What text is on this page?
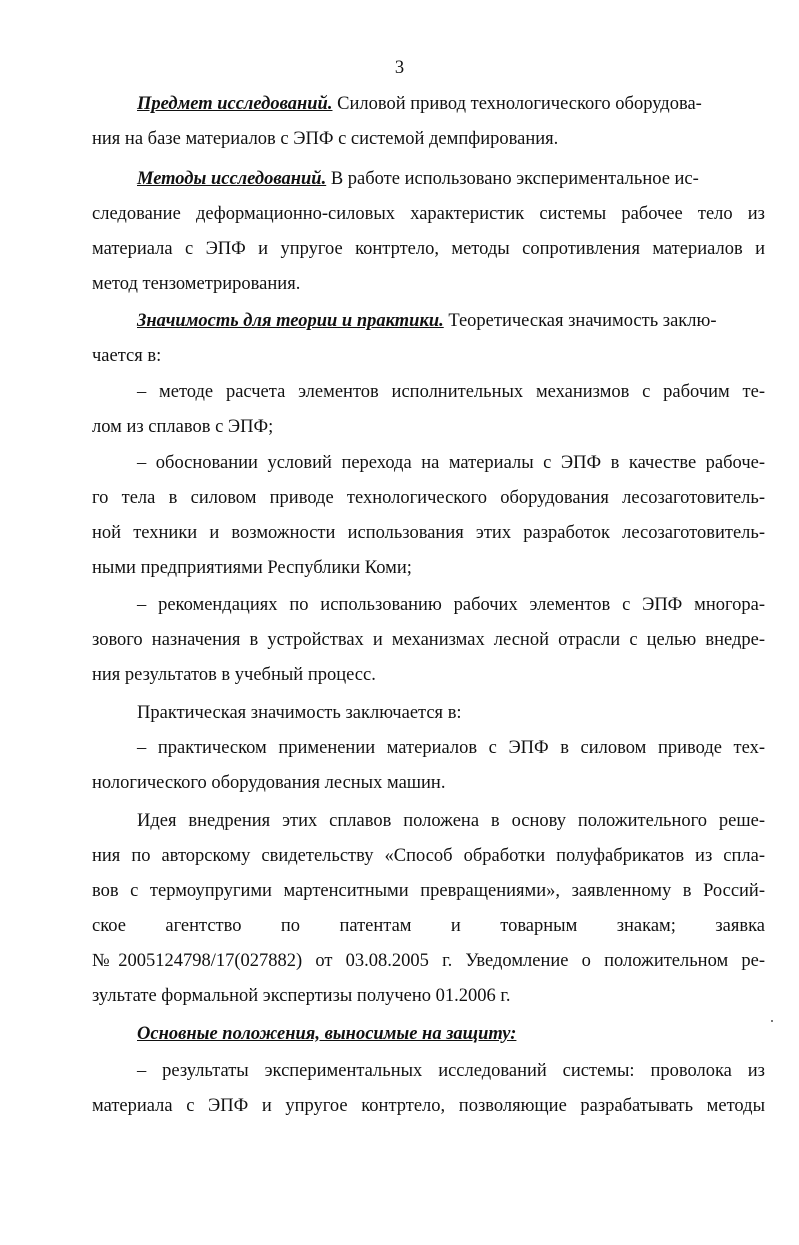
3
Предмет исследований. Силовой привод технологического оборудова-
ния на базе материалов с ЭПФ с системой демпфирования.
Методы исследований. В работе использовано экспериментальное ис-
следование деформационно-силовых характеристик системы рабочее тело из
материала с ЭПФ и упругое контртело, методы сопротивления материалов и
метод тензометрирования.
Значимость для теории и практики. Теоретическая значимость заклю-
чается в:
– методе расчета элементов исполнительных механизмов с рабочим те-
лом из сплавов с ЭПФ;
– обосновании условий перехода на материалы с ЭПФ в качестве рабоче-
го тела в силовом приводе технологического оборудования лесозаготовитель-
ной техники и возможности использования этих разработок лесозаготовитель-
ными предприятиями Республики Коми;
– рекомендациях по использованию рабочих элементов с ЭПФ многора-
зового назначения в устройствах и механизмах лесной отрасли с целью внедре-
ния результатов в учебный процесс.
Практическая значимость заключается в:
– практическом применении материалов с ЭПФ в силовом приводе тех-
нологического оборудования лесных машин.
Идея внедрения этих сплавов положена в основу положительного реше-
ния по авторскому свидетельству «Способ обработки полуфабрикатов из спла-
вов с термоупругими мартенситными превращениями», заявленному в Россий-
ское агентство по патентам и товарным знакам; заявка
№2005124798/17(027882) от 03.08.2005 г. Уведомление о положительном ре-
зультате формальной экспертизы получено 01.2006 г.
Основные положения, выносимые на защиту:
– результаты экспериментальных исследований системы: проволока из
материала с ЭПФ и упругое контртело, позволяющие разрабатывать методы
